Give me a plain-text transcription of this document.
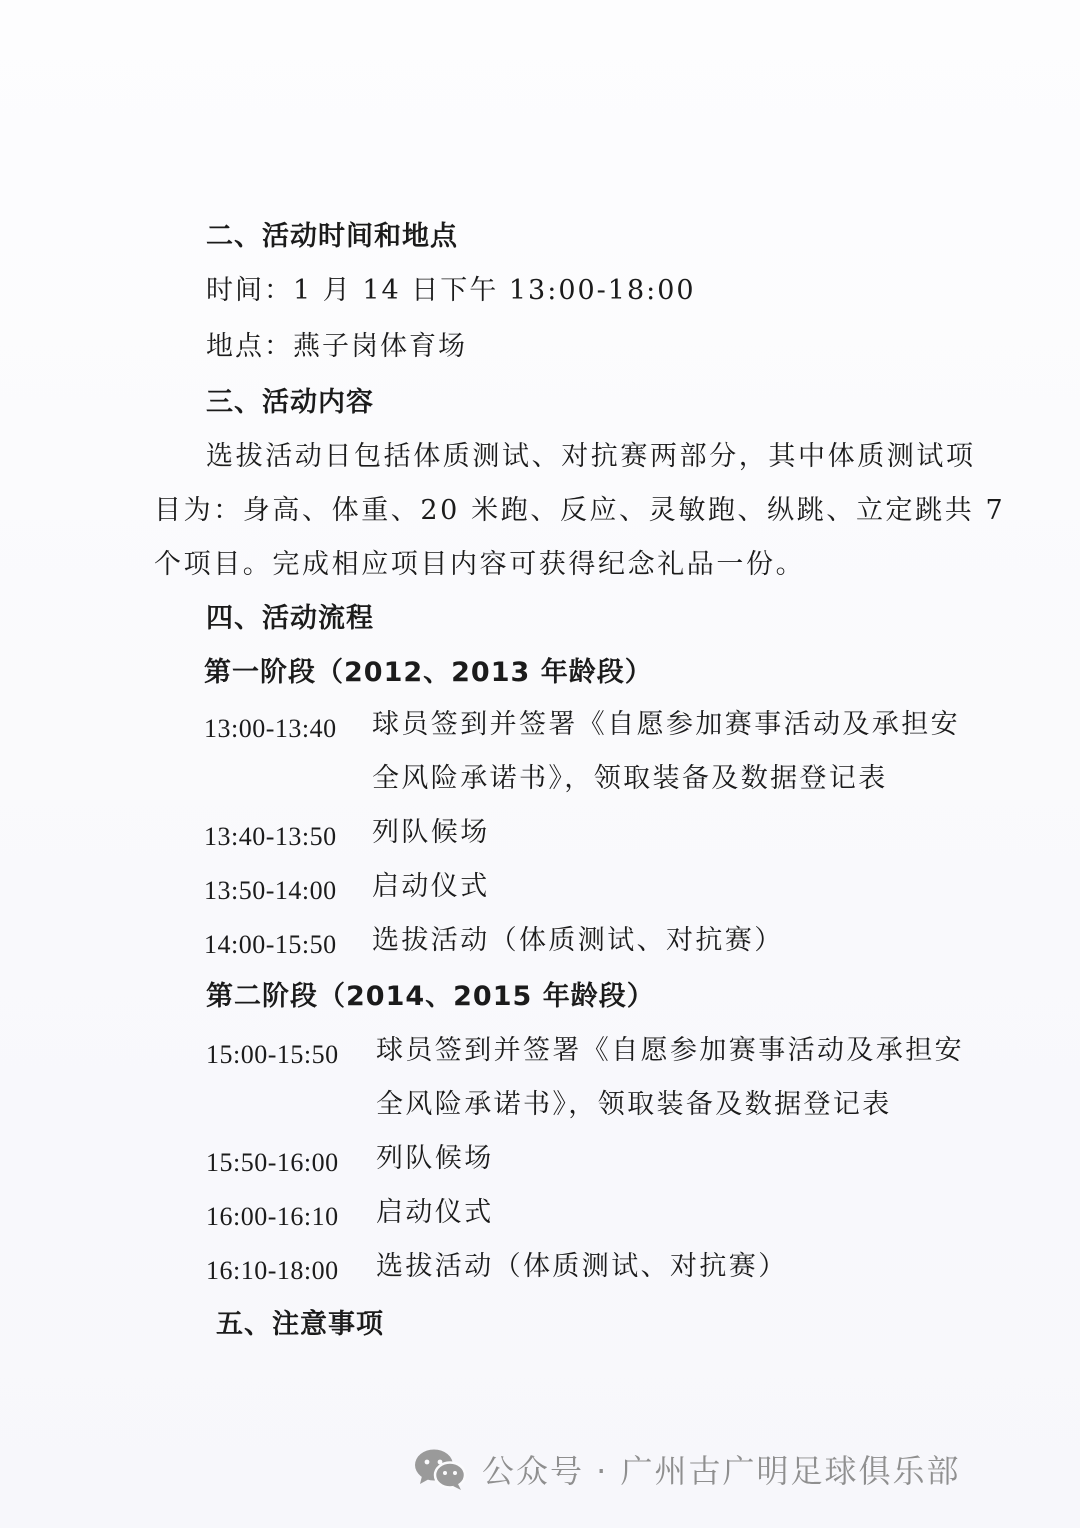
二、活动时间和地点
时间：1 月 14 日下午 13:00-18:00
地点：燕子岗体育场
三、活动内容
选拔活动日包括体质测试、对抗赛两部分，其中体质测试项
目为：身高、体重、20 米跑、反应、灵敏跑、纵跳、立定跳共 7
个项目。完成相应项目内容可获得纪念礼品一份。
四、活动流程
第一阶段（2012、2013 年龄段）
13:00-13:40 球员签到并签署《自愿参加赛事活动及承担安
全风险承诺书》，领取装备及数据登记表
13:40-13:50 列队候场
13:50-14:00 启动仪式
14:00-15:50 选拔活动（体质测试、对抗赛）
第二阶段（2014、2015 年龄段）
15:00-15:50 球员签到并签署《自愿参加赛事活动及承担安
全风险承诺书》，领取装备及数据登记表
15:50-16:00 列队候场
16:00-16:10 启动仪式
16:10-18:00 选拔活动（体质测试、对抗赛）
五、注意事项
公众号 · 广州古广明足球俱乐部
